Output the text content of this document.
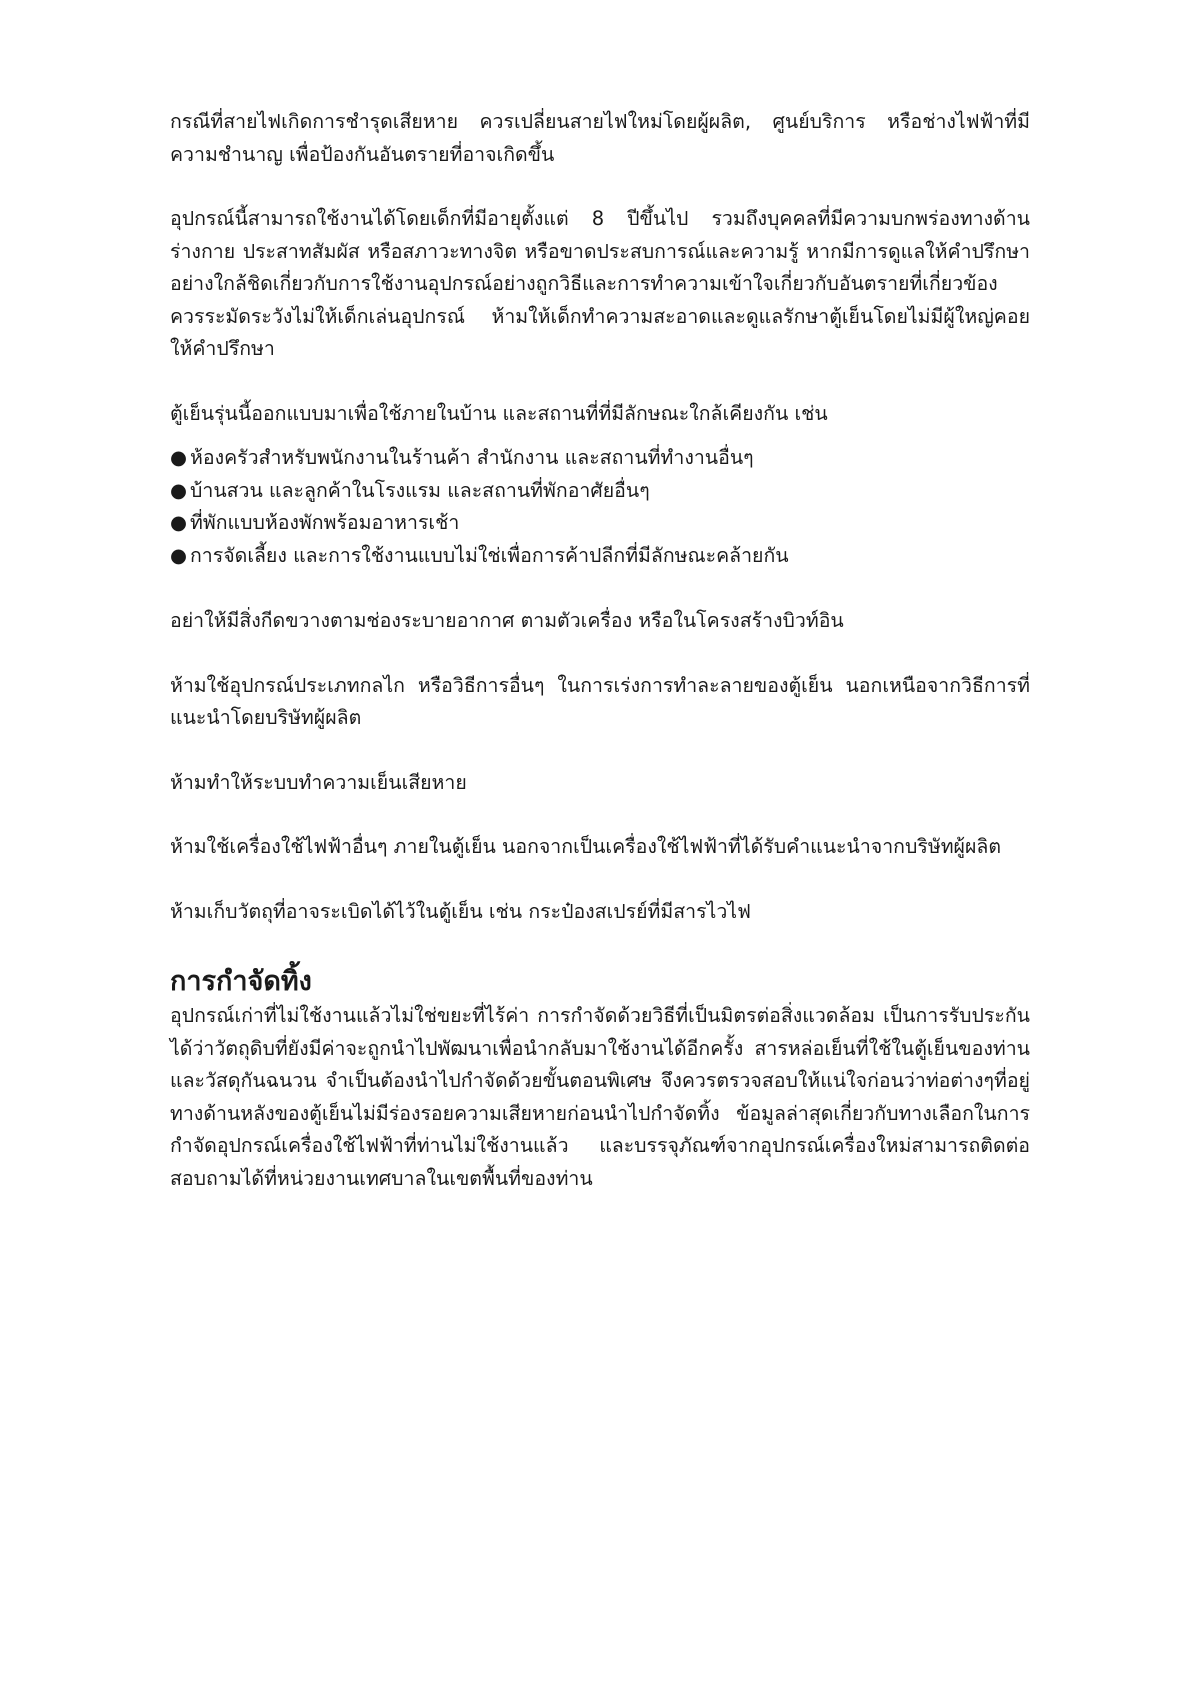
กรณีที่สายไฟเกิดการชำรุดเสียหาย ควรเปลี่ยนสายไฟใหม่โดยผู้ผลิต, ศูนย์บริการ หรือช่างไฟฟ้าที่มีความชำนาญ เพื่อป้องกันอันตรายที่อาจเกิดขึ้น

อุปกรณ์นี้สามารถใช้งานได้โดยเด็กที่มีอายุตั้งแต่ 8 ปีขึ้นไป รวมถึงบุคคลที่มีความบกพร่องทางด้านร่างกาย ประสาทสัมผัส หรือสภาวะทางจิต หรือขาดประสบการณ์และความรู้ หากมีการดูแลให้คำปรึกษาอย่างใกล้ชิดเกี่ยวกับการใช้งานอุปกรณ์อย่างถูกวิธีและการทำความเข้าใจเกี่ยวกับอันตรายที่เกี่ยวข้อง ควรระมัดระวังไม่ให้เด็กเล่นอุปกรณ์ ห้ามให้เด็กทำความสะอาดและดูแลรักษาตู้เย็นโดยไม่มีผู้ใหญ่คอยให้คำปรึกษา

ตู้เย็นรุ่นนี้ออกแบบมาเพื่อใช้ภายในบ้าน และสถานที่ที่มีลักษณะใกล้เคียงกัน เช่น

● ห้องครัวสำหรับพนักงานในร้านค้า สำนักงาน และสถานที่ทำงานอื่นๆ
● บ้านสวน และลูกค้าในโรงแรม และสถานที่พักอาศัยอื่นๆ
● ที่พักแบบห้องพักพร้อมอาหารเช้า
● การจัดเลี้ยง และการใช้งานแบบไม่ใช่เพื่อการค้าปลีกที่มีลักษณะคล้ายกัน

อย่าให้มีสิ่งกีดขวางตามช่องระบายอากาศ ตามตัวเครื่อง หรือในโครงสร้างบิวท์อิน

ห้ามใช้อุปกรณ์ประเภทกลไก หรือวิธีการอื่นๆ ในการเร่งการทำละลายของตู้เย็น นอกเหนือจากวิธีการที่แนะนำโดยบริษัทผู้ผลิต

ห้ามทำให้ระบบทำความเย็นเสียหาย

ห้ามใช้เครื่องใช้ไฟฟ้าอื่นๆ ภายในตู้เย็น นอกจากเป็นเครื่องใช้ไฟฟ้าที่ได้รับคำแนะนำจากบริษัทผู้ผลิต

ห้ามเก็บวัตถุที่อาจระเบิดได้ไว้ในตู้เย็น เช่น กระป๋องสเปรย์ที่มีสารไวไฟ

การกำจัดทิ้ง

อุปกรณ์เก่าที่ไม่ใช้งานแล้วไม่ใช่ขยะที่ไร้ค่า การกำจัดด้วยวิธีที่เป็นมิตรต่อสิ่งแวดล้อม เป็นการรับประกันได้ว่าวัตถุดิบที่ยังมีค่าจะถูกนำไปพัฒนาเพื่อนำกลับมาใช้งานได้อีกครั้ง สารหล่อเย็นที่ใช้ในตู้เย็นของท่านและวัสดุกันฉนวน จำเป็นต้องนำไปกำจัดด้วยขั้นตอนพิเศษ จึงควรตรวจสอบให้แน่ใจก่อนว่าท่อต่างๆที่อยู่ทางด้านหลังของตู้เย็นไม่มีร่องรอยความเสียหายก่อนนำไปกำจัดทิ้ง ข้อมูลล่าสุดเกี่ยวกับทางเลือกในการกำจัดอุปกรณ์เครื่องใช้ไฟฟ้าที่ท่านไม่ใช้งานแล้ว และบรรจุภัณฑ์จากอุปกรณ์เครื่องใหม่สามารถติดต่อสอบถามได้ที่หน่วยงานเทศบาลในเขตพื้นที่ของท่าน
